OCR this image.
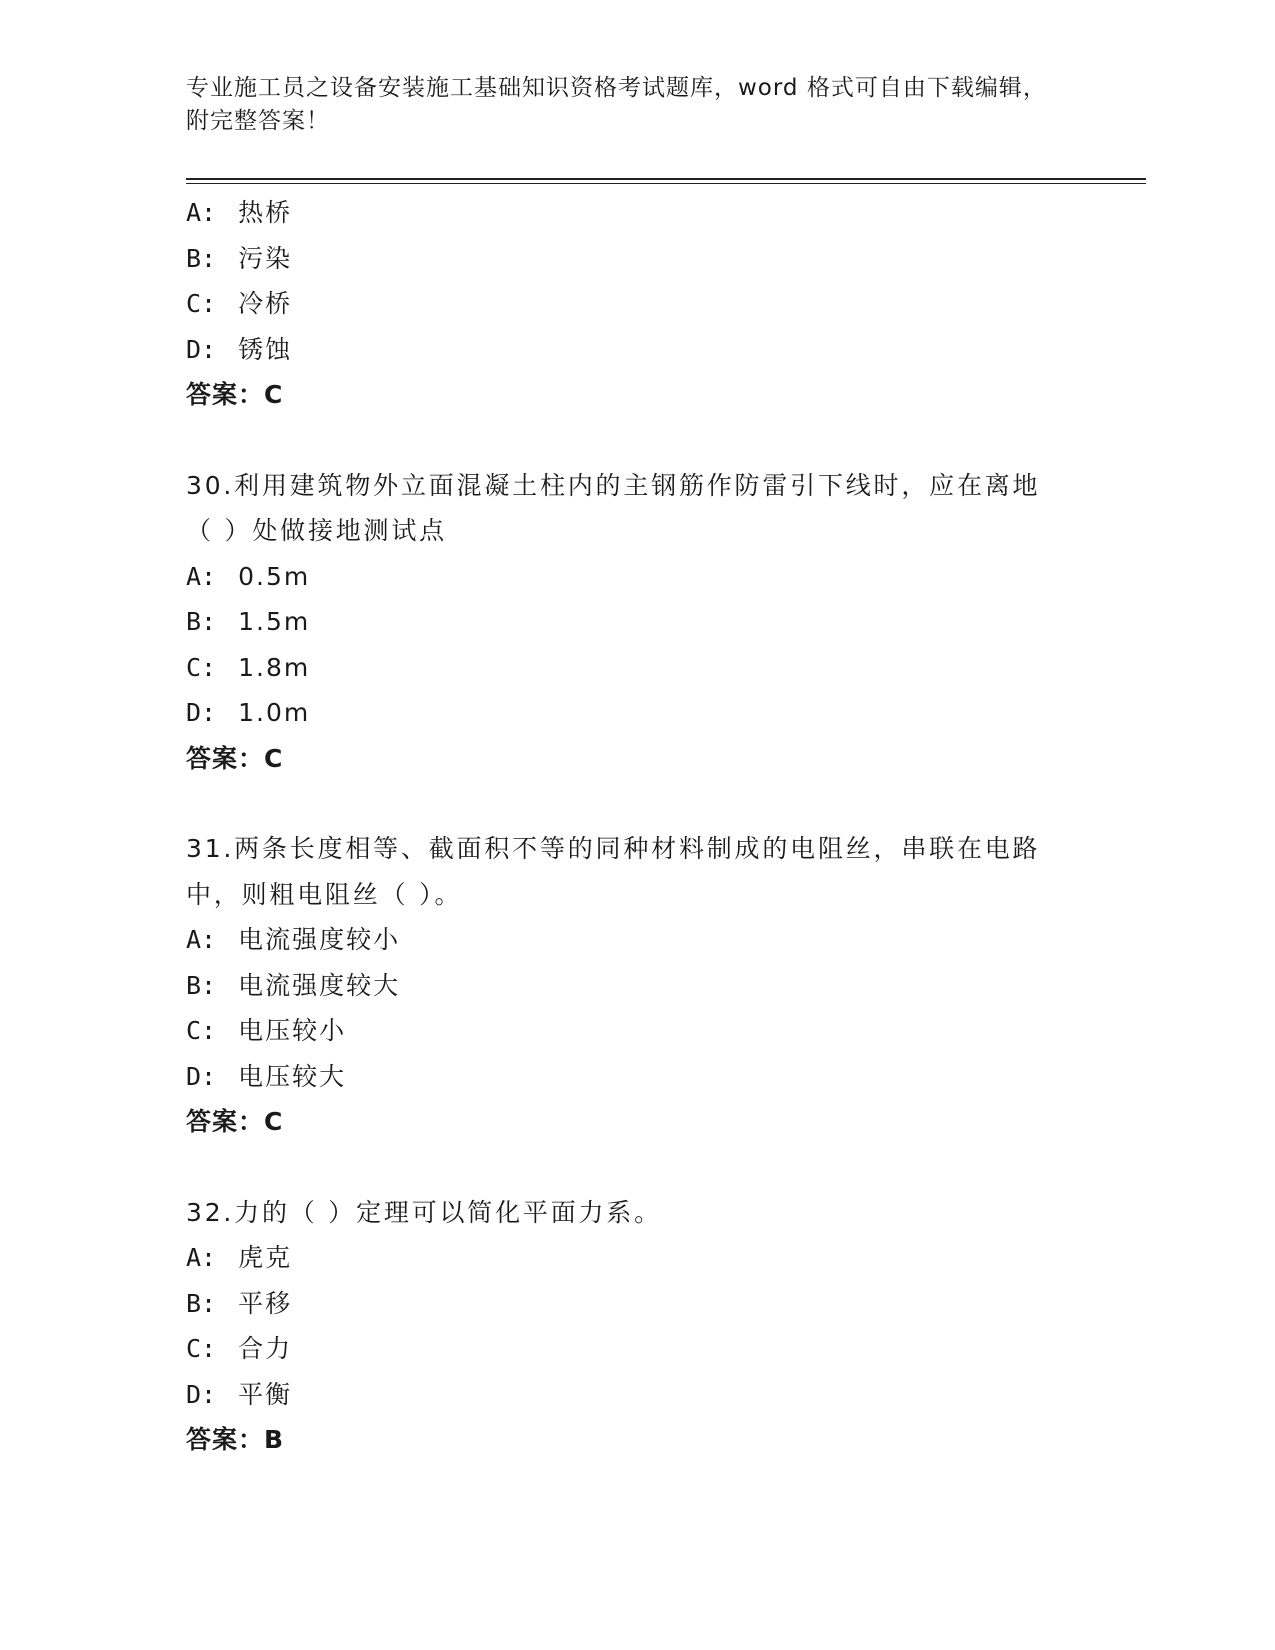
专业施工员之设备安装施工基础知识资格考试题库，word 格式可自由下载编辑，
附完整答案！
A: 热桥
B: 污染
C: 冷桥
D: 锈蚀
答案：C
30.利用建筑物外立面混凝土柱内的主钢筋作防雷引下线时，应在离地
（ ）处做接地测试点
A: 0.5m
B: 1.5m
C: 1.8m
D: 1.0m
答案：C
31.两条长度相等、截面积不等的同种材料制成的电阻丝，串联在电路
中，则粗电阻丝（ ）。
A: 电流强度较小
B: 电流强度较大
C: 电压较小
D: 电压较大
答案：C
32.力的（ ）定理可以简化平面力系。
A: 虎克
B: 平移
C: 合力
D: 平衡
答案：B
